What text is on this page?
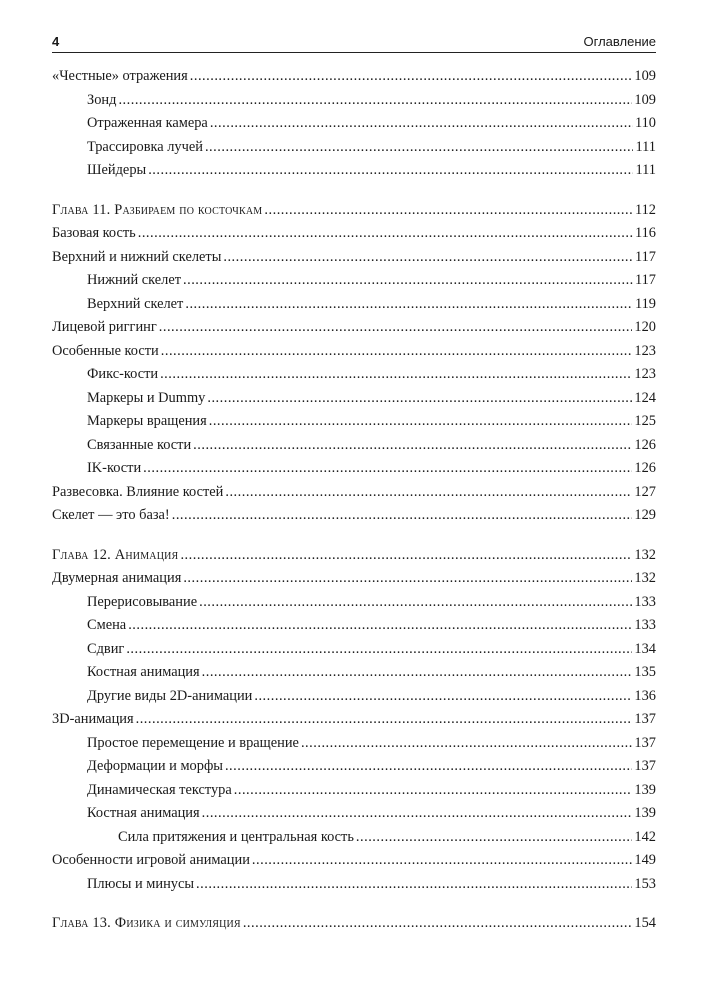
4	Оглавление
«Честные» отражения .....	109
Зонд .....	109
Отраженная камера .....	110
Трассировка лучей .....	111
Шейдеры .....	111
Глава 11. Разбираем по косточкам .....	112
Базовая кость .....	116
Верхний и нижний скелеты .....	117
Нижний скелет .....	117
Верхний скелет .....	119
Лицевой риггинг .....	120
Особенные кости .....	123
Фикс-кости .....	123
Маркеры и Dummy .....	124
Маркеры вращения .....	125
Связанные кости .....	126
IK-кости .....	126
Развесовка. Влияние костей .....	127
Скелет — это база! .....	129
Глава 12. Анимация .....	132
Двумерная анимация .....	132
Перерисовывание .....	133
Смена .....	133
Сдвиг .....	134
Костная анимация .....	135
Другие виды 2D-анимации .....	136
3D-анимация .....	137
Простое перемещение и вращение .....	137
Деформации и морфы .....	137
Динамическая текстура .....	139
Костная анимация .....	139
Сила притяжения и центральная кость .....	142
Особенности игровой анимации .....	149
Плюсы и минусы .....	153
Глава 13. Физика и симуляция .....	154
